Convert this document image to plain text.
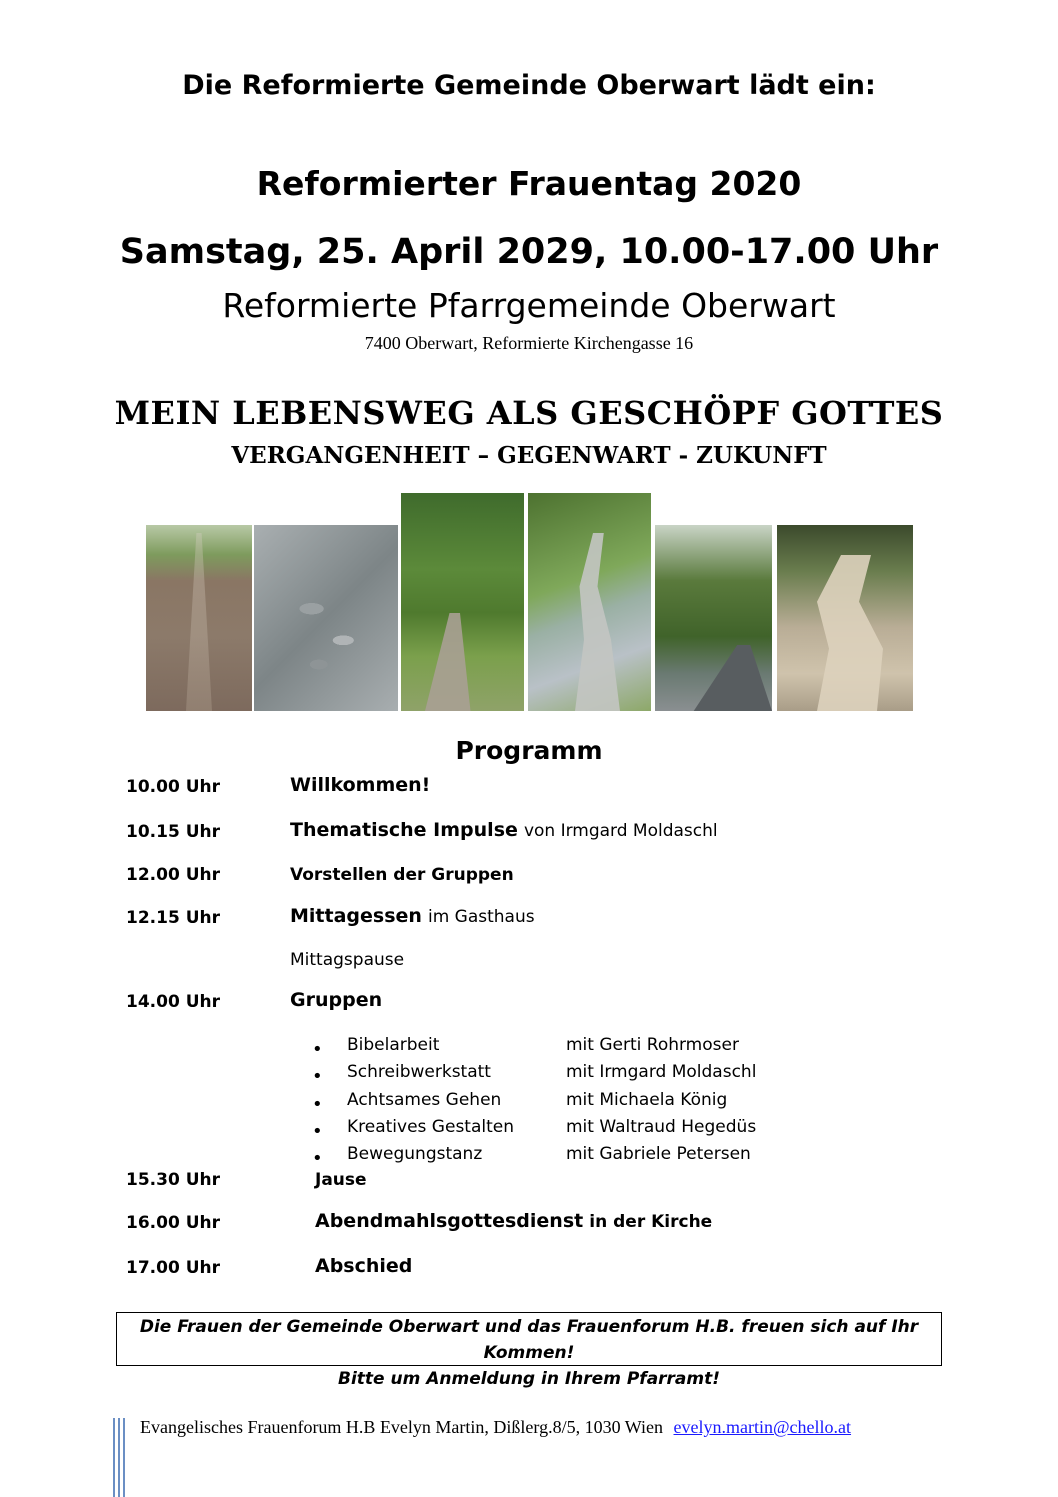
Die Reformierte Gemeinde Oberwart lädt ein:
Reformierter Frauentag 2020
Samstag, 25. April 2029, 10.00-17.00 Uhr
Reformierte Pfarrgemeinde Oberwart
7400 Oberwart, Reformierte Kirchengasse 16
MEIN LEBENSWEG ALS GESCHÖPF GOTTES
VERGANGENHEIT – GEGENWART - ZUKUNFT
Programm
10.00 Uhr	Willkommen!
10.15 Uhr	Thematische Impulse von Irmgard Moldaschl
12.00 Uhr	Vorstellen der Gruppen
12.15 Uhr	Mittagessen im Gasthaus
Mittagspause
14.00 Uhr	Gruppen
• Bibelarbeit	mit Gerti Rohrmoser
• Schreibwerkstatt	mit Irmgard Moldaschl
• Achtsames Gehen	mit Michaela König
• Kreatives Gestalten	mit Waltraud Hegedüs
• Bewegungstanz	mit Gabriele Petersen
15.30 Uhr	Jause
16.00 Uhr	Abendmahlsgottesdienst in der Kirche
17.00 Uhr	Abschied
Die Frauen der Gemeinde Oberwart und das Frauenforum H.B. freuen sich auf Ihr Kommen!
Bitte um Anmeldung in Ihrem Pfarramt!
Evangelisches Frauenforum H.B Evelyn Martin, Dißlerg.8/5, 1030 Wien evelyn.martin@chello.at
